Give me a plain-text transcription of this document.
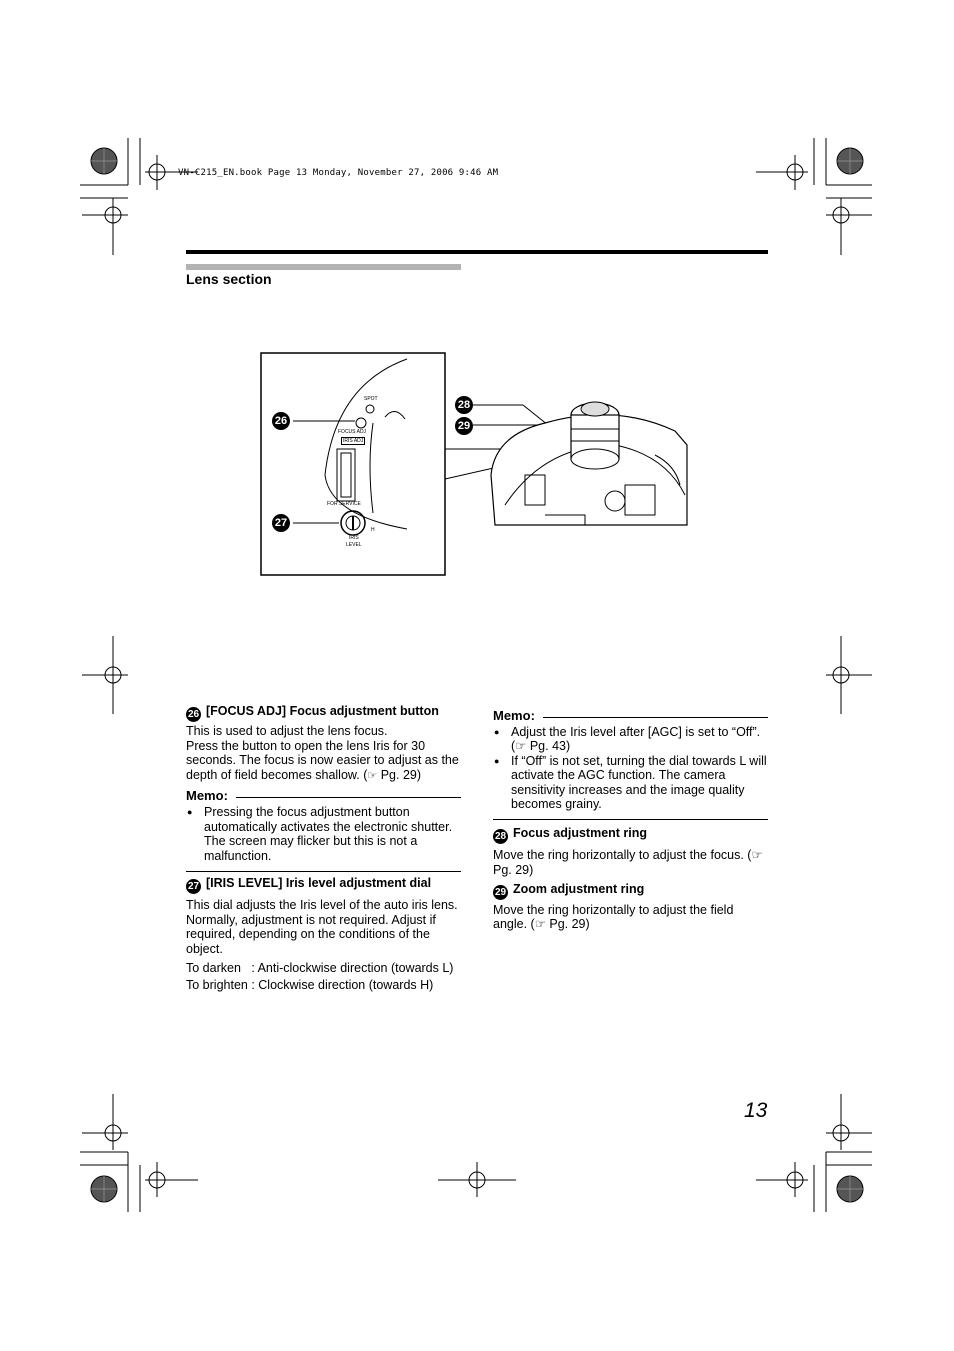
VN-C215_EN.book Page 13 Monday, November 27, 2006 9:46 AM
Lens section
SPOT
FOCUS ADJ
IRIS ADJ
FOR SERVICE
H
IRIS
LEVEL
26
27
28
29
26 [FOCUS ADJ] Focus adjustment button
This is used to adjust the lens focus.
Press the button to open the lens Iris for 30 seconds. The focus is now easier to adjust as the depth of field becomes shallow. (☞ Pg. 29)
Memo:
● Pressing the focus adjustment button automatically activates the electronic shutter. The screen may flicker but this is not a malfunction.
27 [IRIS LEVEL] Iris level adjustment dial
This dial adjusts the Iris level of the auto iris lens.
Normally, adjustment is not required. Adjust if required, depending on the conditions of the object.
To darken   : Anti-clockwise direction (towards L)
To brighten : Clockwise direction (towards H)
Memo:
● Adjust the Iris level after [AGC] is set to “Off”. (☞ Pg. 43)
● If “Off” is not set, turning the dial towards L will activate the AGC function. The camera sensitivity increases and the image quality becomes grainy.
28 Focus adjustment ring
Move the ring horizontally to adjust the focus. (☞ Pg. 29)
29 Zoom adjustment ring
Move the ring horizontally to adjust the field angle. (☞ Pg. 29)
13
